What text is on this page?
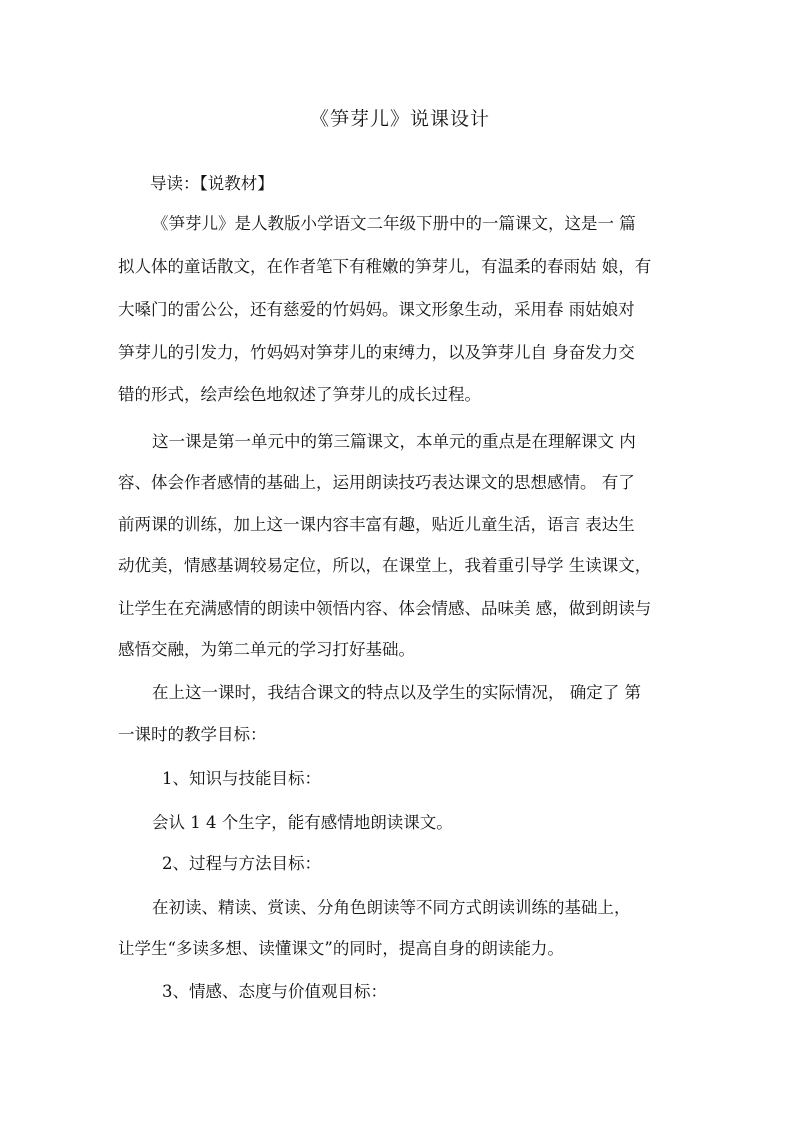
《笋芽儿》说课设计
导读：【说教材】
《笋芽儿》是人教版小学语文二年级下册中的一篇课文，这是一 篇
拟人体的童话散文，在作者笔下有稚嫩的笋芽儿，有温柔的春雨姑 娘，有
大嗓门的雷公公，还有慈爱的竹妈妈。课文形象生动，采用春 雨姑娘对
笋芽儿的引发力，竹妈妈对笋芽儿的束缚力，以及笋芽儿自 身奋发力交
错的形式，绘声绘色地叙述了笋芽儿的成长过程。
这一课是第一单元中的第三篇课文，本单元的重点是在理解课文 内
容、体会作者感情的基础上，运用朗读技巧表达课文的思想感情。 有了
前两课的训练，加上这一课内容丰富有趣，贴近儿童生活，语言 表达生
动优美，情感基调较易定位，所以，在课堂上，我着重引导学 生读课文，
让学生在充满感情的朗读中领悟内容、体会情感、品味美 感，做到朗读与
感悟交融，为第二单元的学习打好基础。
在上这一课时，我结合课文的特点以及学生的实际情况， 确定了 第
一课时的教学目标：
1、知识与技能目标：
会认 1 4 个生字，能有感情地朗读课文。
2、过程与方法目标：
在初读、精读、赏读、分角色朗读等不同方式朗读训练的基础上，
让学生“多读多想、读懂课文”的同时，提高自身的朗读能力。
3、情感、态度与价值观目标：
